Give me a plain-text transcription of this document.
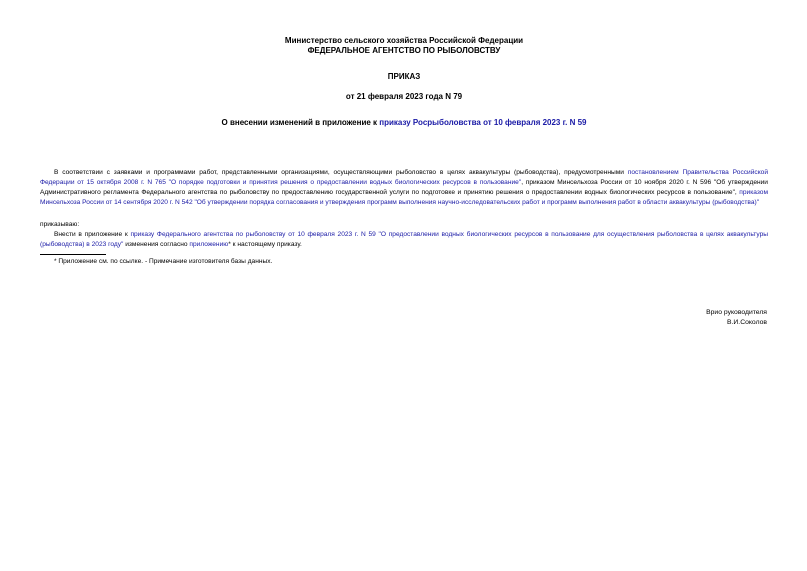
Министерство сельского хозяйства Российской Федерации
ФЕДЕРАЛЬНОЕ АГЕНТСТВО ПО РЫБОЛОВСТВУ
ПРИКАЗ
от 21 февраля 2023 года N 79
О внесении изменений в приложение к приказу Росрыболовства от 10 февраля 2023 г. N 59
В соответствии с заявками и программами работ, представленными организациями, осуществляющими рыболовство в целях аквакультуры (рыбоводства), предусмотренными постановлением Правительства Российской Федерации от 15 октября 2008 г. N 765 "О порядке подготовки и принятия решения о предоставлении водных биологических ресурсов в пользование", приказом Минсельхоза России от 10 ноября 2020 г. N 596 "Об утверждении Административного регламента Федерального агентства по рыболовству по предоставлению государственной услуги по подготовке и принятию решения о предоставлении водных биологических ресурсов в пользование", приказом Минсельхоза России от 14 сентября 2020 г. N 542 "Об утверждении порядка согласования и утверждения программ выполнения научно-исследовательских работ и программ выполнения работ в области аквакультуры (рыбоводства)"
приказываю:
Внести в приложение к приказу Федерального агентства по рыболовству от 10 февраля 2023 г. N 59 "О предоставлении водных биологических ресурсов в пользование для осуществления рыболовства в целях аквакультуры (рыбоводства) в 2023 году" изменения согласно приложению* к настоящему приказу.
* Приложение см. по ссылке. - Примечание изготовителя базы данных.
Врио руководителя
В.И.Соколов
